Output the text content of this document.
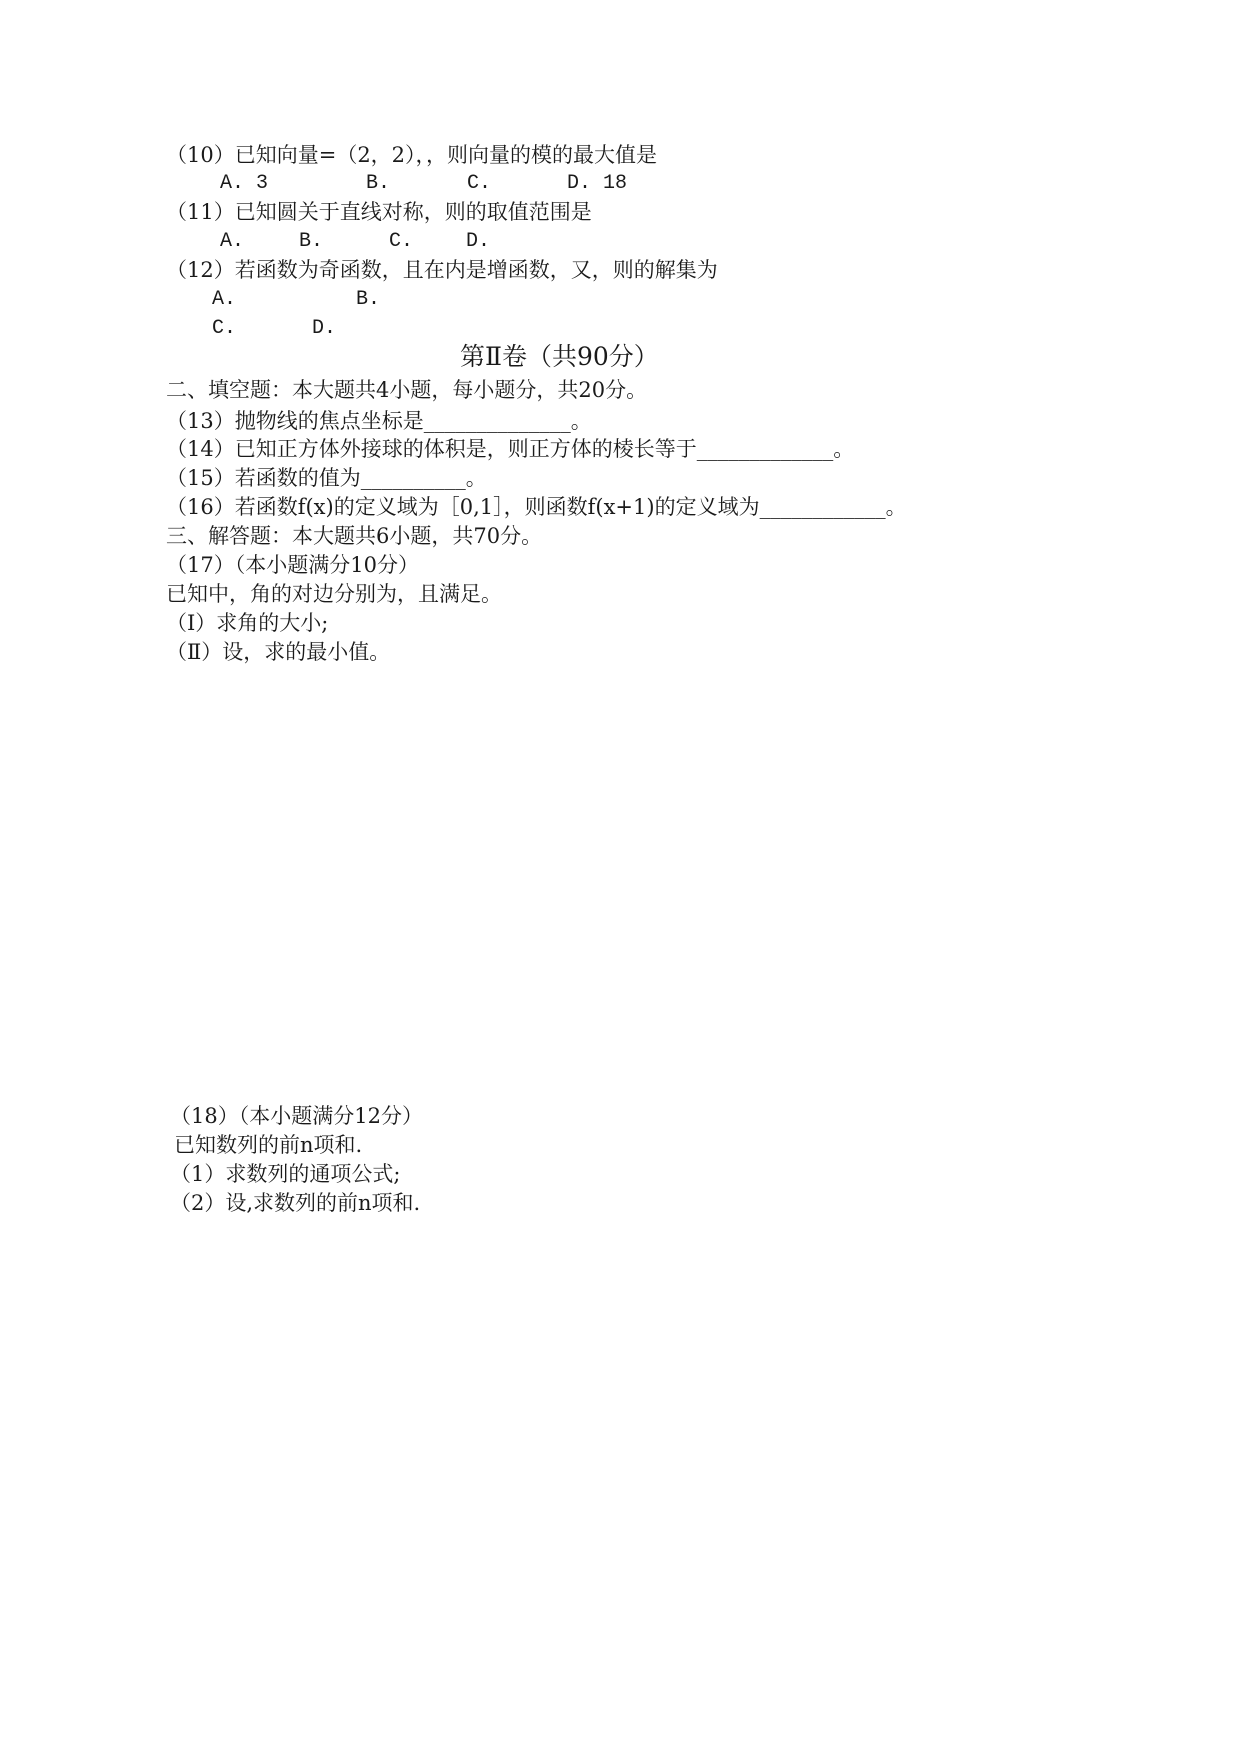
（10）已知向量=（2，2），，则向量的模的最大值是
A. 3	B.	C.	D. 18
（11）已知圆关于直线对称，则的取值范围是
A.	B.	C.	D.
（12）若函数为奇函数，且在内是增函数，又，则的解集为
A.	B.
C.	D.
第Ⅱ卷（共90分）
二、填空题：本大题共4小题，每小题分，共20分。
（13）抛物线的焦点坐标是______________。
（14）已知正方体外接球的体积是，则正方体的棱长等于_____________。
（15）若函数的值为__________。
（16）若函数f(x)的定义域为［0,1］，则函数f(x+1)的定义域为____________。
三、解答题：本大题共6小题，共70分。
（17）（本小题满分10分）
已知中，角的对边分别为，且满足。
（Ⅰ）求角的大小;
（Ⅱ）设，求的最小值。
（18）（本小题满分12分）
已知数列的前n项和.
（1）求数列的通项公式;
（2）设,求数列的前n项和.
